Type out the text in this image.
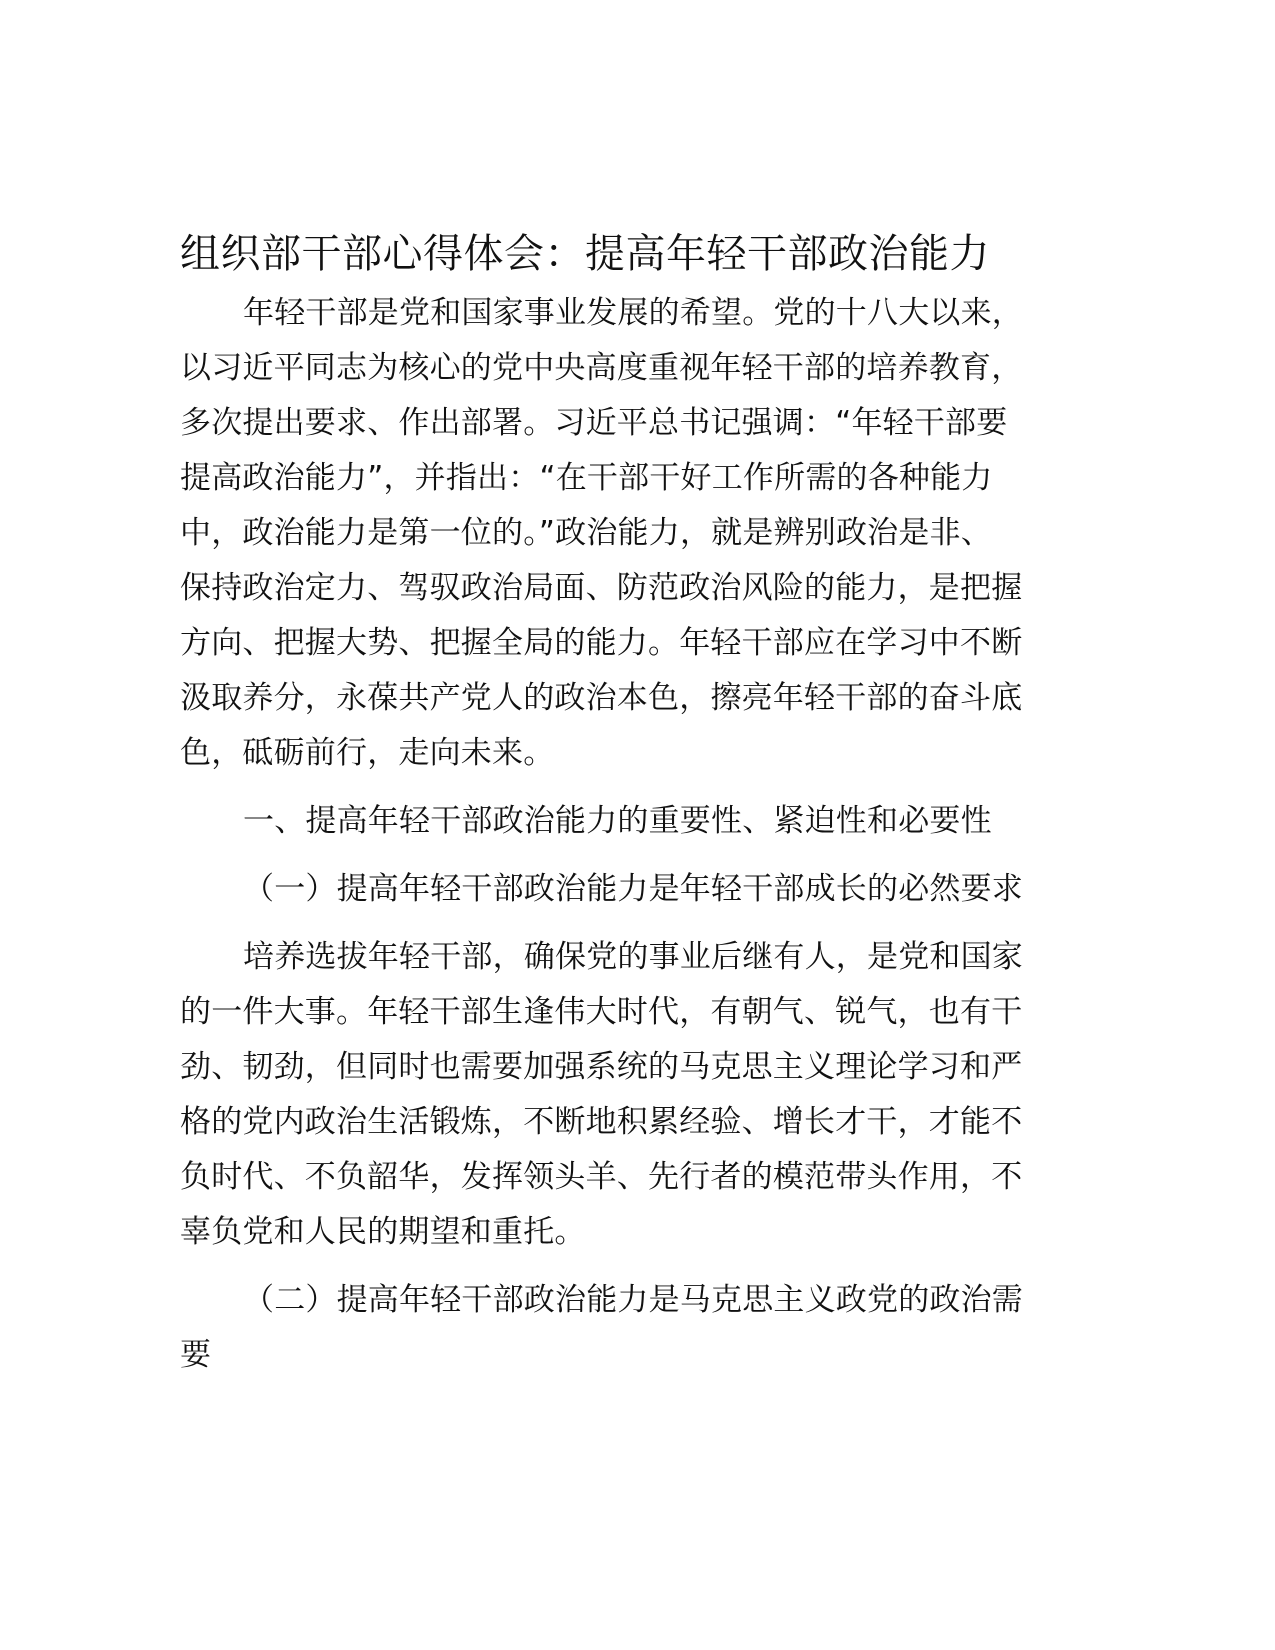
组织部干部心得体会：提高年轻干部政治能力
年轻干部是党和国家事业发展的希望。党的十八大以来，
以习近平同志为核心的党中央高度重视年轻干部的培养教育，
多次提出要求、作出部署。习近平总书记强调：“年轻干部要
提高政治能力”，并指出：“在干部干好工作所需的各种能力
中，政治能力是第一位的。”政治能力，就是辨别政治是非、
保持政治定力、驾驭政治局面、防范政治风险的能力，是把握
方向、把握大势、把握全局的能力。年轻干部应在学习中不断
汲取养分，永葆共产党人的政治本色，擦亮年轻干部的奋斗底
色，砥砺前行，走向未来。
一、提高年轻干部政治能力的重要性、紧迫性和必要性
（一）提高年轻干部政治能力是年轻干部成长的必然要求
培养选拔年轻干部，确保党的事业后继有人，是党和国家
的一件大事。年轻干部生逢伟大时代，有朝气、锐气，也有干
劲、韧劲，但同时也需要加强系统的马克思主义理论学习和严
格的党内政治生活锻炼，不断地积累经验、增长才干，才能不
负时代、不负韶华，发挥领头羊、先行者的模范带头作用，不
辜负党和人民的期望和重托。
（二）提高年轻干部政治能力是马克思主义政党的政治需
要
